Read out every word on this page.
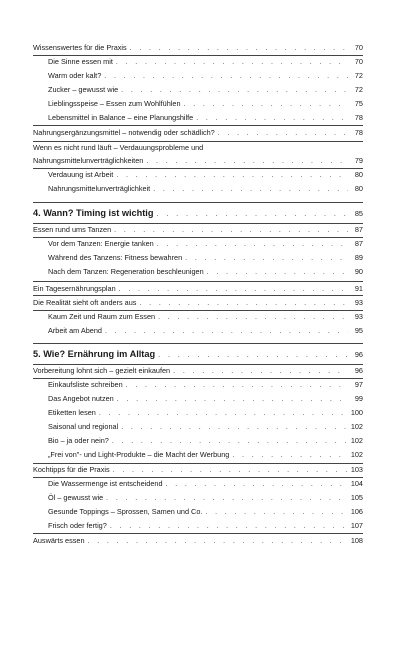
Wissenswertes für die Praxis . . .	70
Die Sinne essen mit . . .	70
Warm oder kalt? . . .	72
Zucker – gewusst wie . . .	72
Lieblingsspeise – Essen zum Wohlfühlen . . .	75
Lebensmittel in Balance – eine Planungshilfe . . .	78
Nahrungsergänzungsmittel – notwendig oder schädlich? . . .	78
Wenn es nicht rund läuft – Verdauungsprobleme und
Nahrungsmittelunverträglichkeiten . . .	79
Verdauung ist Arbeit . . .	80
Nahrungsmittelunverträglichkeit . . .	80
4. Wann? Timing ist wichtig . . .	85
Essen rund ums Tanzen . . .	87
Vor dem Tanzen: Energie tanken . . .	87
Während des Tanzens: Fitness bewahren . . .	89
Nach dem Tanzen: Regeneration beschleunigen . . .	90
Ein Tagesernährungsplan . . .	91
Die Realität sieht oft anders aus . . .	93
Kaum Zeit und Raum zum Essen . . .	93
Arbeit am Abend . . .	95
5. Wie? Ernährung im Alltag . . .	96
Vorbereitung lohnt sich – gezielt einkaufen . . .	96
Einkaufsliste schreiben . . .	97
Das Angebot nutzen . . .	99
Etiketten lesen . . .	100
Saisonal und regional . . .	102
Bio – ja oder nein? . . .	102
„Frei von"- und Light-Produkte – die Macht der Werbung . . .	102
Kochtipps für die Praxis . . .	103
Die Wassermenge ist entscheidend . . .	104
Öl – gewusst wie . . .	105
Gesunde Toppings – Sprossen, Samen und Co. . . .	106
Frisch oder fertig? . . .	107
Auswärts essen . . .	108
